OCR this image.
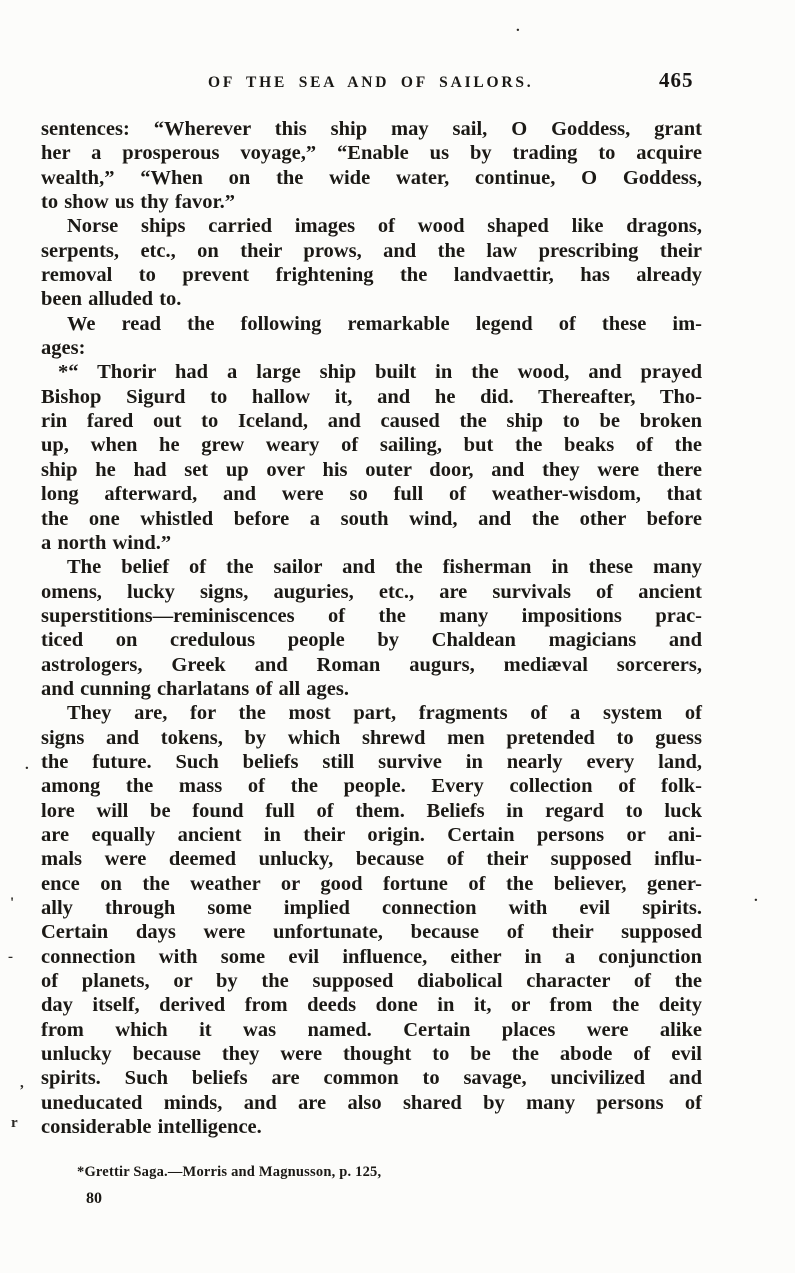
OF THE SEA AND OF SAILORS.	465
sentences: “Wherever this ship may sail, O Goddess, grant
her a prosperous voyage,” “Enable us by trading to acquire
wealth,” “When on the wide water, continue, O Goddess,
to show us thy favor.”
Norse ships carried images of wood shaped like dragons,
serpents, etc., on their prows, and the law prescribing their
removal to prevent frightening the landvaettir, has already
been alluded to.
We read the following remarkable legend of these im-
ages:
*“ Thorir had a large ship built in the wood, and prayed
Bishop Sigurd to hallow it, and he did. Thereafter, Tho-
rin fared out to Iceland, and caused the ship to be broken
up, when he grew weary of sailing, but the beaks of the
ship he had set up over his outer door, and they were there
long afterward, and were so full of weather-wisdom, that
the one whistled before a south wind, and the other before
a north wind.”
The belief of the sailor and the fisherman in these many
omens, lucky signs, auguries, etc., are survivals of ancient
superstitions—reminiscences of the many impositions prac-
ticed on credulous people by Chaldean magicians and
astrologers, Greek and Roman augurs, mediæval sorcerers,
and cunning charlatans of all ages.
They are, for the most part, fragments of a system of
signs and tokens, by which shrewd men pretended to guess
the future. Such beliefs still survive in nearly every land,
among the mass of the people. Every collection of folk-
lore will be found full of them. Beliefs in regard to luck
are equally ancient in their origin. Certain persons or ani-
mals were deemed unlucky, because of their supposed influ-
ence on the weather or good fortune of the believer, gener-
ally through some implied connection with evil spirits.
Certain days were unfortunate, because of their supposed
connection with some evil influence, either in a conjunction
of planets, or by the supposed diabolical character of the
day itself, derived from deeds done in it, or from the deity
from which it was named. Certain places were alike
unlucky because they were thought to be the abode of evil
spirits. Such beliefs are common to savage, uncivilized and
uneducated minds, and are also shared by many persons of
considerable intelligence.
*Grettir Saga.—Morris and Magnusson, p. 125,
80
.
.
'
-
.
,
r
